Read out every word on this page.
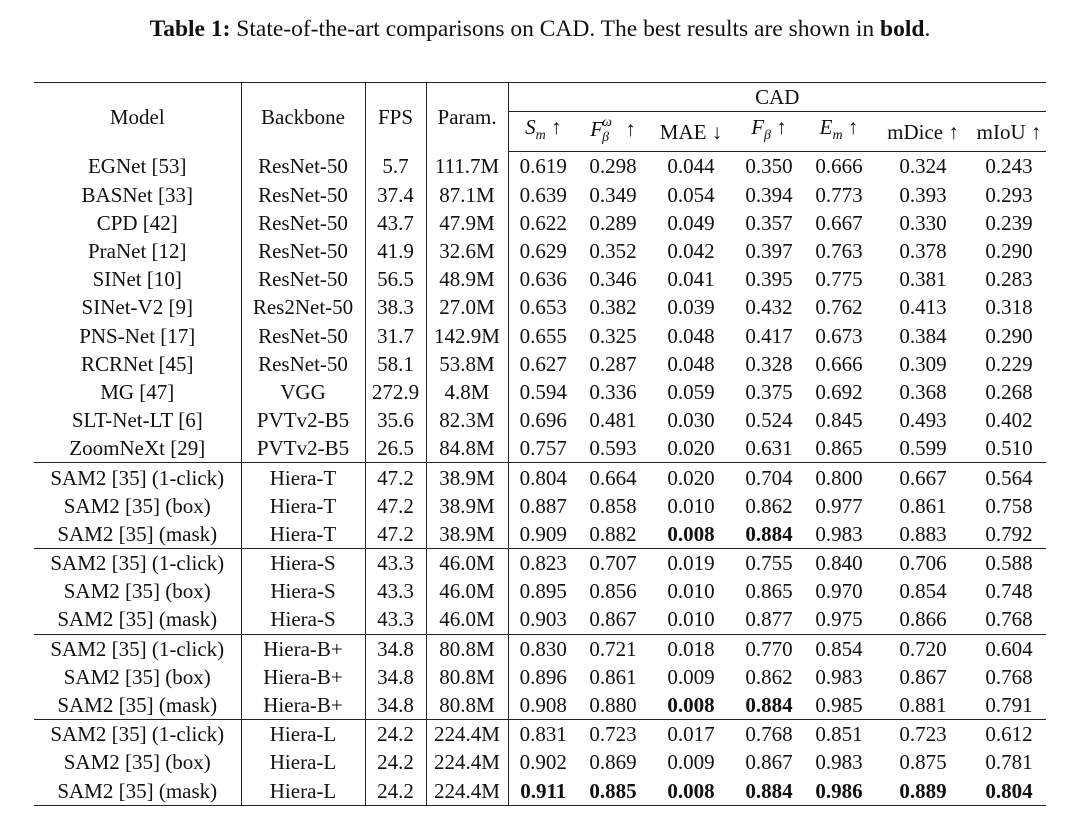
Table 1: State-of-the-art comparisons on CAD. The best results are shown in bold.
Model	Backbone	FPS	Param.	CAD						
				$S_m$ ↑	$F_\beta^\omega$ ↑	MAE ↓	$F_\beta$ ↑	$E_m$ ↑	mDice ↑	mIoU ↑
EGNet [53]	ResNet-50	5.7	111.7M	0.619	0.298	0.044	0.350	0.666	0.324	0.243
BASNet [33]	ResNet-50	37.4	87.1M	0.639	0.349	0.054	0.394	0.773	0.393	0.293
CPD [42]	ResNet-50	43.7	47.9M	0.622	0.289	0.049	0.357	0.667	0.330	0.239
PraNet [12]	ResNet-50	41.9	32.6M	0.629	0.352	0.042	0.397	0.763	0.378	0.290
SINet [10]	ResNet-50	56.5	48.9M	0.636	0.346	0.041	0.395	0.775	0.381	0.283
SINet-V2 [9]	Res2Net-50	38.3	27.0M	0.653	0.382	0.039	0.432	0.762	0.413	0.318
PNS-Net [17]	ResNet-50	31.7	142.9M	0.655	0.325	0.048	0.417	0.673	0.384	0.290
RCRNet [45]	ResNet-50	58.1	53.8M	0.627	0.287	0.048	0.328	0.666	0.309	0.229
MG [47]	VGG	272.9	4.8M	0.594	0.336	0.059	0.375	0.692	0.368	0.268
SLT-Net-LT [6]	PVTv2-B5	35.6	82.3M	0.696	0.481	0.030	0.524	0.845	0.493	0.402
ZoomNeXt [29]	PVTv2-B5	26.5	84.8M	0.757	0.593	0.020	0.631	0.865	0.599	0.510
SAM2 [35] (1-click)	Hiera-T	47.2	38.9M	0.804	0.664	0.020	0.704	0.800	0.667	0.564
SAM2 [35] (box)	Hiera-T	47.2	38.9M	0.887	0.858	0.010	0.862	0.977	0.861	0.758
SAM2 [35] (mask)	Hiera-T	47.2	38.9M	0.909	0.882	0.008	0.884	0.983	0.883	0.792
SAM2 [35] (1-click)	Hiera-S	43.3	46.0M	0.823	0.707	0.019	0.755	0.840	0.706	0.588
SAM2 [35] (box)	Hiera-S	43.3	46.0M	0.895	0.856	0.010	0.865	0.970	0.854	0.748
SAM2 [35] (mask)	Hiera-S	43.3	46.0M	0.903	0.867	0.010	0.877	0.975	0.866	0.768
SAM2 [35] (1-click)	Hiera-B+	34.8	80.8M	0.830	0.721	0.018	0.770	0.854	0.720	0.604
SAM2 [35] (box)	Hiera-B+	34.8	80.8M	0.896	0.861	0.009	0.862	0.983	0.867	0.768
SAM2 [35] (mask)	Hiera-B+	34.8	80.8M	0.908	0.880	0.008	0.884	0.985	0.881	0.791
SAM2 [35] (1-click)	Hiera-L	24.2	224.4M	0.831	0.723	0.017	0.768	0.851	0.723	0.612
SAM2 [35] (box)	Hiera-L	24.2	224.4M	0.902	0.869	0.009	0.867	0.983	0.875	0.781
SAM2 [35] (mask)	Hiera-L	24.2	224.4M	0.911	0.885	0.008	0.884	0.986	0.889	0.804
